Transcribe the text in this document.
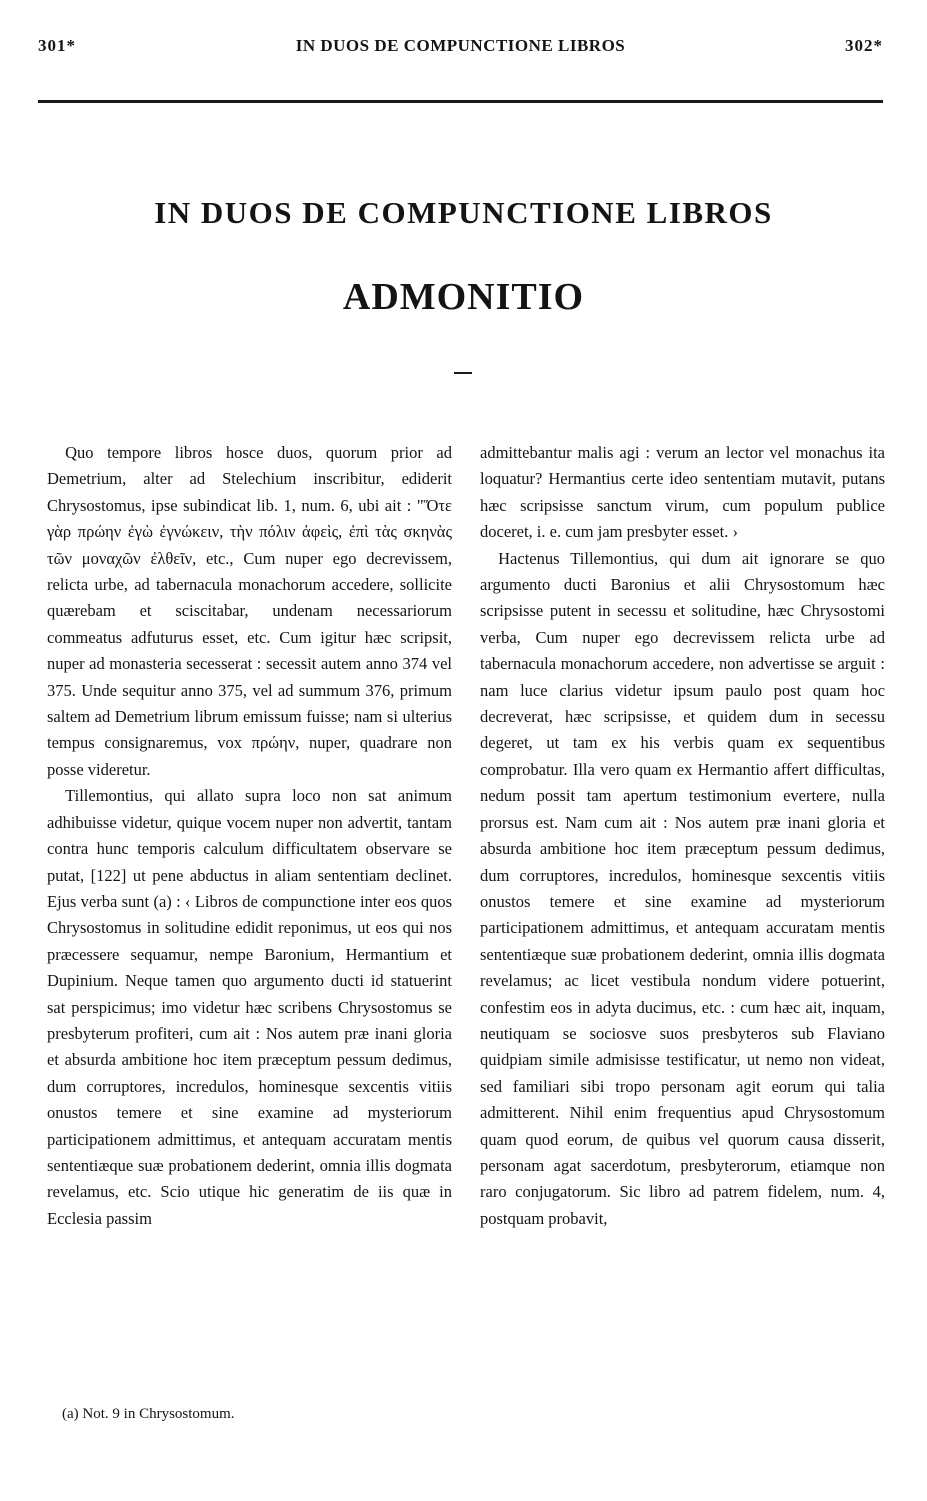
301*	IN DUOS DE COMPUNCTIONE LIBROS	302*
IN DUOS DE COMPUNCTIONE LIBROS
ADMONITIO

Quo tempore libros hosce duos, quorum prior ad Demetrium, alter ad Stelechium inscribitur, ediderit Chrysostomus, ipse subindicat lib. 1, num. 6, ubi ait : "Ὅτε γὰρ πρώην ἐγὼ ἐγνώκειν, τὴν πόλιν ἀφεὶς, ἐπὶ τὰς σκηνὰς τῶν μοναχῶν ἐλθεῖν, etc., Cum nuper ego decrevissem, relicta urbe, ad tabernacula monachorum accedere, sollicite quærebam et sciscitabar, undenam necessariorum commeatus adfuturus esset, etc. Cum igitur hæc scripsit, nuper ad monasteria secesserat : secessit autem anno 374 vel 375. Unde sequitur anno 375, vel ad summum 376, primum saltem ad Demetrium librum emissum fuisse; nam si ulterius tempus consignaremus, vox πρώην, nuper, quadrare non posse videretur.

Tillemontius, qui allato supra loco non sat animum adhibuisse videtur, quique vocem nuper non advertit, tantam contra hunc temporis calculum difficultatem observare se putat, [122] ut pene abductus in aliam sententiam declinet. Ejus verba sunt (a) : ‹ Libros de compunctione inter eos quos Chrysostomus in solitudine edidit reponimus, ut eos qui nos præcessere sequamur, nempe Baronium, Hermantium et Dupinium. Neque tamen quo argumento ducti id statuerint sat perspicimus; imo videtur hæc scribens Chrysostomus se presbyterum profiteri, cum ait : Nos autem præ inani gloria et absurda ambitione hoc item præceptum pessum dedimus, dum corruptores, incredulos, hominesque sexcentis vitiis onustos temere et sine examine ad mysteriorum participationem admittimus, et antequam accuratam mentis sententiæque suæ probationem dederint, omnia illis dogmata revelamus, etc. Scio utique hic generatim de iis quæ in Ecclesia passim

admittebantur malis agi : verum an lector vel monachus ita loquatur? Hermantius certe ideo sententiam mutavit, putans hæc scripsisse sanctum virum, cum populum publice doceret, i. e. cum jam presbyter esset. ›

Hactenus Tillemontius, qui dum ait ignorare se quo argumento ducti Baronius et alii Chrysostomum hæc scripsisse putent in secessu et solitudine, hæc Chrysostomi verba, Cum nuper ego decrevissem relicta urbe ad tabernacula monachorum accedere, non advertisse se arguit : nam luce clarius videtur ipsum paulo post quam hoc decreverat, hæc scripsisse, et quidem dum in secessu degeret, ut tam ex his verbis quam ex sequentibus comprobatur. Illa vero quam ex Hermantio affert difficultas, nedum possit tam apertum testimonium evertere, nulla prorsus est. Nam cum ait : Nos autem præ inani gloria et absurda ambitione hoc item præceptum pessum dedimus, dum corruptores, incredulos, hominesque sexcentis vitiis onustos temere et sine examine ad mysteriorum participationem admittimus, et antequam accuratam mentis sententiæque suæ probationem dederint, omnia illis dogmata revelamus; ac licet vestibula nondum videre potuerint, confestim eos in adyta ducimus, etc. : cum hæc ait, inquam, neutiquam se sociosve suos presbyteros sub Flaviano quidpiam simile admisisse testificatur, ut nemo non videat, sed familiari sibi tropo personam agit eorum qui talia admitterent. Nihil enim frequentius apud Chrysostomum quam quod eorum, de quibus vel quorum causa disserit, personam agat sacerdotum, presbyterorum, etiamque non raro conjugatorum. Sic libro ad patrem fidelem, num. 4, postquam probavit,

(a) Not. 9 in Chrysostomum.
